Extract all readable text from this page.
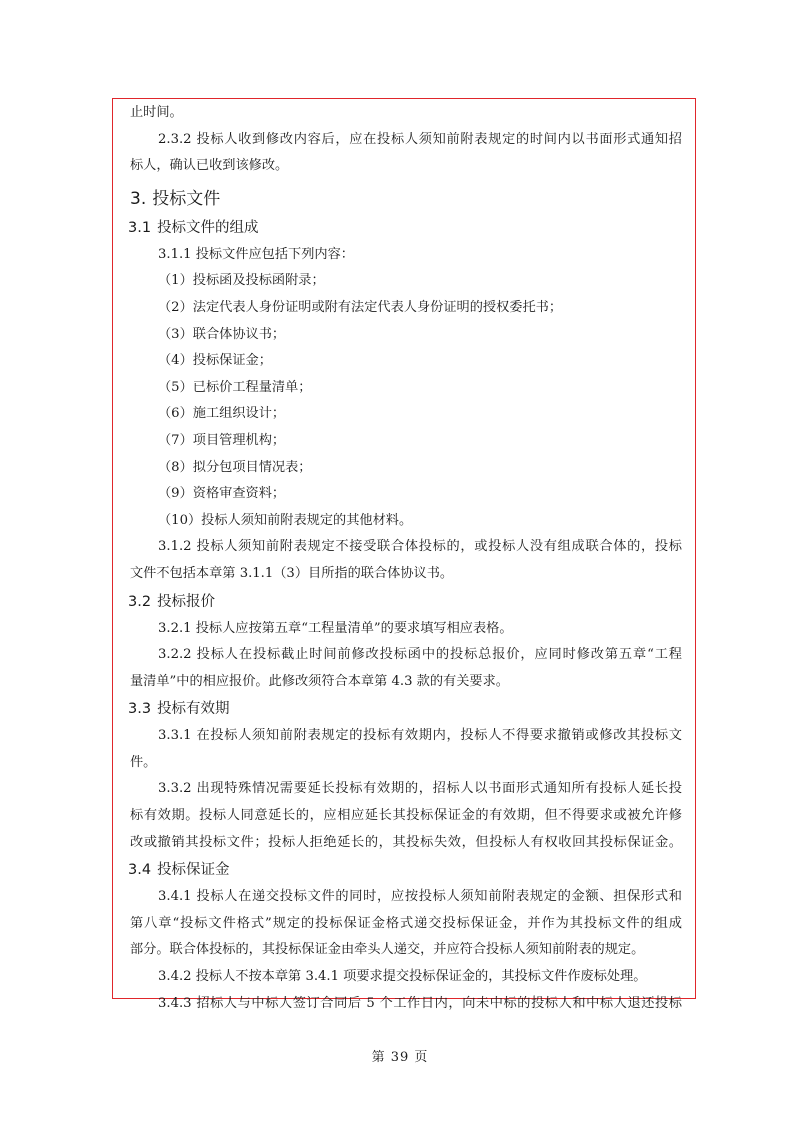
止时间。
2.3.2 投标人收到修改内容后，应在投标人须知前附表规定的时间内以书面形式通知招
标人，确认已收到该修改。
3. 投标文件
3.1 投标文件的组成
3.1.1 投标文件应包括下列内容：
（1）投标函及投标函附录；
（2）法定代表人身份证明或附有法定代表人身份证明的授权委托书；
（3）联合体协议书；
（4）投标保证金；
（5）已标价工程量清单；
（6）施工组织设计；
（7）项目管理机构；
（8）拟分包项目情况表；
（9）资格审查资料；
（10）投标人须知前附表规定的其他材料。
3.1.2 投标人须知前附表规定不接受联合体投标的，或投标人没有组成联合体的，投标
文件不包括本章第 3.1.1（3）目所指的联合体协议书。
3.2 投标报价
3.2.1 投标人应按第五章“工程量清单”的要求填写相应表格。
3.2.2 投标人在投标截止时间前修改投标函中的投标总报价，应同时修改第五章“工程
量清单”中的相应报价。此修改须符合本章第 4.3 款的有关要求。
3.3 投标有效期
3.3.1 在投标人须知前附表规定的投标有效期内，投标人不得要求撤销或修改其投标文
件。
3.3.2 出现特殊情况需要延长投标有效期的，招标人以书面形式通知所有投标人延长投
标有效期。投标人同意延长的，应相应延长其投标保证金的有效期，但不得要求或被允许修
改或撤销其投标文件；投标人拒绝延长的，其投标失效，但投标人有权收回其投标保证金。
3.4 投标保证金
3.4.1 投标人在递交投标文件的同时，应按投标人须知前附表规定的金额、担保形式和
第八章“投标文件格式”规定的投标保证金格式递交投标保证金，并作为其投标文件的组成
部分。联合体投标的，其投标保证金由牵头人递交，并应符合投标人须知前附表的规定。
3.4.2 投标人不按本章第 3.4.1 项要求提交投标保证金的，其投标文件作废标处理。
3.4.3 招标人与中标人签订合同后 5 个工作日内，向未中标的投标人和中标人退还投标
第 39 页
